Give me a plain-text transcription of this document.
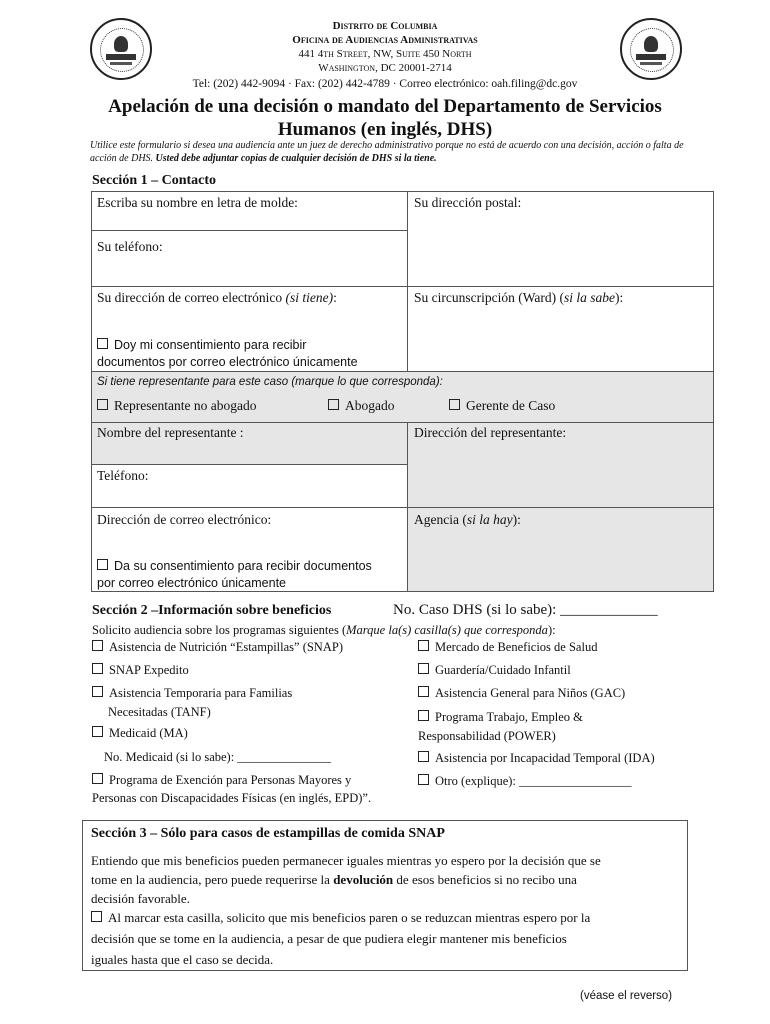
Distrito de Columbia
Oficina de Audiencias Administrativas
441 4th Street, NW, Suite 450 North
Washington, DC 20001-2714
Tel: (202) 442-9094 · Fax: (202) 442-4789 · Correo electrónico: oah.filing@dc.gov
Apelación de una decisión o mandato del Departamento de Servicios
Humanos (en inglés, DHS)
Utilice este formulario si desea una audiencia ante un juez de derecho administrativo porque no está de acuerdo con una decisión, acción o falta de acción de DHS. Usted debe adjuntar copias de cualquier decisión de DHS si la tiene.
Sección 1 – Contacto
Escriba su nombre en letra de molde:	Su dirección postal:
Su teléfono:
Su dirección de correo electrónico (si tiene):	Su circunscripción (Ward) (si la sabe):
Doy mi consentimiento para recibir
documentos por correo electrónico únicamente
Si tiene representante para este caso (marque lo que corresponda):
Representante no abogado	Abogado	Gerente de Caso
Nombre del representante :	Dirección del representante:
Teléfono:
Dirección de correo electrónico:	Agencia (si la hay):
Da su consentimiento para recibir documentos
por correo electrónico únicamente
Sección 2 –Información sobre beneficios	No. Caso DHS (si lo sabe): _____________
Solicito audiencia sobre los programas siguientes (Marque la(s) casilla(s) que corresponda):
Asistencia de Nutrición “Estampillas” (SNAP)
SNAP Expedito
Asistencia Temporaria para Familias
Necesitadas (TANF)
Medicaid (MA)
No. Medicaid (si lo sabe): _______________
Programa de Exención para Personas Mayores y
Personas con Discapacidades Físicas (en inglés, EPD)”.
Mercado de Beneficios de Salud
Guardería/Cuidado Infantil
Asistencia General para Niños (GAC)
Programa Trabajo, Empleo &
Responsabilidad (POWER)
Asistencia por Incapacidad Temporal (IDA)
Otro (explique): __________________
Sección 3 – Sólo para casos de estampillas de comida SNAP
Entiendo que mis beneficios pueden permanecer iguales mientras yo espero por la decisión que se
tome en la audiencia, pero puede requerirse la devolución de esos beneficios si no recibo una
decisión favorable.
Al marcar esta casilla, solicito que mis beneficios paren o se reduzcan mientras espero por la
decisión que se tome en la audiencia, a pesar de que pudiera elegir mantener mis beneficios
iguales hasta que el caso se decida.
(véase el reverso)
